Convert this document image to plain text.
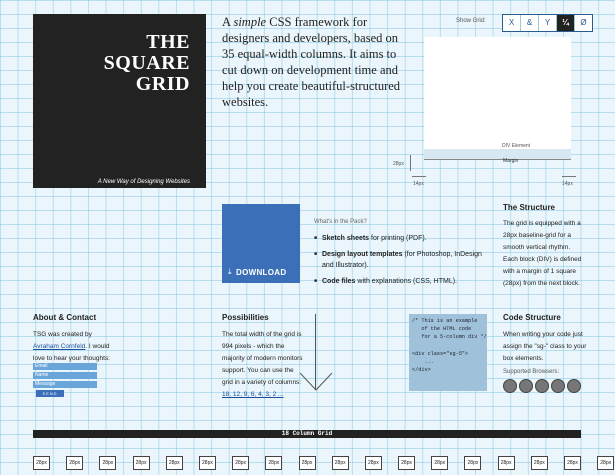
THE
SQUARE
GRID
A New Way of Designing Websites
A simple CSS framework for designers and developers, based on 35 equal-width columns. It aims to cut down on development time and help you create beautiful-structured websites.
Show Grid:	X	&	Y	¼	Ø
DIV Element
Margin
28px
14px	14px
⤓ DOWNLOAD
What's in the Pack?
■ Sketch sheets for printing (PDF).
■ Design layout templates (for Photoshop, InDesign and Illustrator).
■ Code files with explanations (CSS, HTML).
The Structure
The grid is equipped with a 28px baseline-grid for a smooth vertical rhythm. Each block (DIV) is defined with a margin of 1 square (28px) from the next block.
About & Contact
TSG was created by Avraham Cornfeld. I would love to hear your thoughts:
Email
Name
Message
SEND
Possibilities
The total width of the grid is 994 pixels - which the majority of modern monitors support. You can use the grid in a variety of columns: 18, 12, 9, 6, 4, 3, 2 ...
/* This is an example
of the HTML code
for a 5-column div */

<div class="sg-5">
...
</div>
Code Structure
When writing your code just assign the "sg-" class to your box elements.
Supported Browsers:
18 Column Grid
28px	28px	28px	28px	28px	28px	28px	28px	28px	28px	28px	28px	28px	28px	28px	28px	28px	28px
